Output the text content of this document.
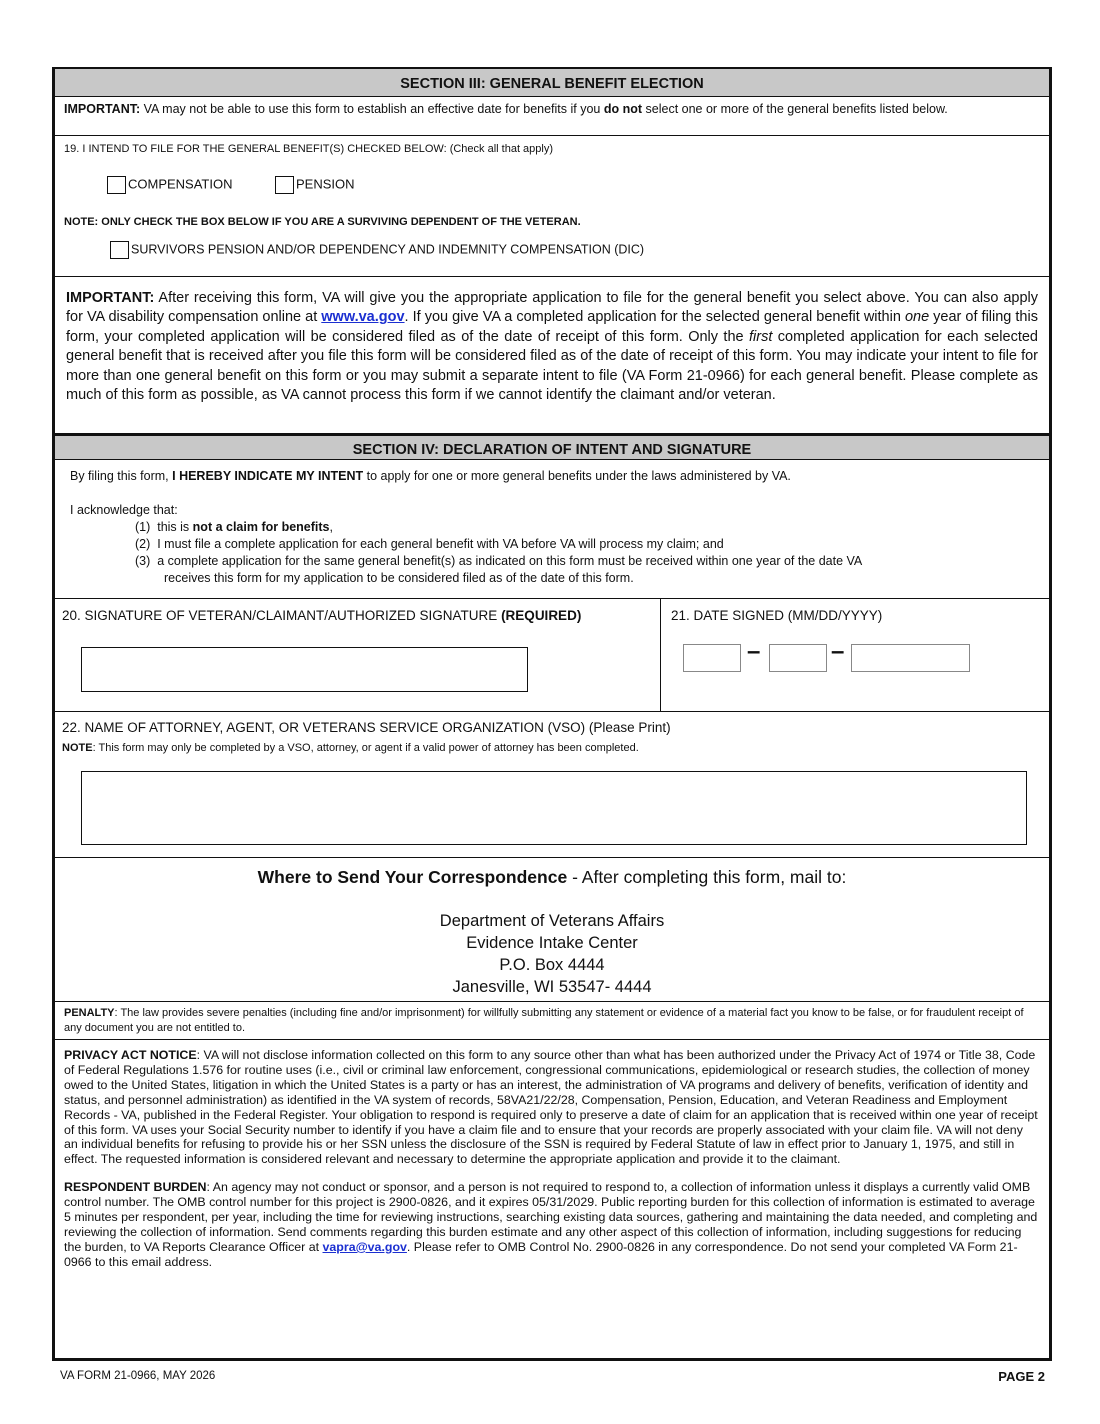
SECTION III: GENERAL BENEFIT ELECTION
IMPORTANT: VA may not be able to use this form to establish an effective date for benefits if you do not select one or more of the general benefits listed below.
19. I INTEND TO FILE FOR THE GENERAL BENEFIT(S) CHECKED BELOW: (Check all that apply)
COMPENSATION	PENSION
NOTE: ONLY CHECK THE BOX BELOW IF YOU ARE A SURVIVING DEPENDENT OF THE VETERAN.
SURVIVORS PENSION AND/OR DEPENDENCY AND INDEMNITY COMPENSATION (DIC)
IMPORTANT: After receiving this form, VA will give you the appropriate application to file for the general benefit you select above. You can also apply for VA disability compensation online at www.va.gov. If you give VA a completed application for the selected general benefit within one year of filing this form, your completed application will be considered filed as of the date of receipt of this form. Only the first completed application for each selected general benefit that is received after you file this form will be considered filed as of the date of receipt of this form. You may indicate your intent to file for more than one general benefit on this form or you may submit a separate intent to file (VA Form 21-0966) for each general benefit. Please complete as much of this form as possible, as VA cannot process this form if we cannot identify the claimant and/or veteran.
SECTION IV: DECLARATION OF INTENT AND SIGNATURE
By filing this form, I HEREBY INDICATE MY INTENT to apply for one or more general benefits under the laws administered by VA.
I acknowledge that:
(1) this is not a claim for benefits,
(2) I must file a complete application for each general benefit with VA before VA will process my claim; and
(3) a complete application for the same general benefit(s) as indicated on this form must be received within one year of the date VA
receives this form for my application to be considered filed as of the date of this form.
20. SIGNATURE OF VETERAN/CLAIMANT/AUTHORIZED SIGNATURE (REQUIRED)	21. DATE SIGNED (MM/DD/YYYY)
–	–
22. NAME OF ATTORNEY, AGENT, OR VETERANS SERVICE ORGANIZATION (VSO) (Please Print)
NOTE: This form may only be completed by a VSO, attorney, or agent if a valid power of attorney has been completed.
Where to Send Your Correspondence - After completing this form, mail to:
Department of Veterans Affairs
Evidence Intake Center
P.O. Box 4444
Janesville, WI 53547- 4444
PENALTY: The law provides severe penalties (including fine and/or imprisonment) for willfully submitting any statement or evidence of a material fact you know to be false, or for fraudulent receipt of any document you are not entitled to.
PRIVACY ACT NOTICE: VA will not disclose information collected on this form to any source other than what has been authorized under the Privacy Act of 1974 or Title 38, Code of Federal Regulations 1.576 for routine uses (i.e., civil or criminal law enforcement, congressional communications, epidemiological or research studies, the collection of money owed to the United States, litigation in which the United States is a party or has an interest, the administration of VA programs and delivery of benefits, verification of identity and status, and personnel administration) as identified in the VA system of records, 58VA21/22/28, Compensation, Pension, Education, and Veteran Readiness and Employment Records - VA, published in the Federal Register. Your obligation to respond is required only to preserve a date of claim for an application that is received within one year of receipt of this form. VA uses your Social Security number to identify if you have a claim file and to ensure that your records are properly associated with your claim file. VA will not deny an individual benefits for refusing to provide his or her SSN unless the disclosure of the SSN is required by Federal Statute of law in effect prior to January 1, 1975, and still in effect. The requested information is considered relevant and necessary to determine the appropriate application and provide it to the claimant.
RESPONDENT BURDEN: An agency may not conduct or sponsor, and a person is not required to respond to, a collection of information unless it displays a currently valid OMB control number. The OMB control number for this project is 2900-0826, and it expires 05/31/2029. Public reporting burden for this collection of information is estimated to average 5 minutes per respondent, per year, including the time for reviewing instructions, searching existing data sources, gathering and maintaining the data needed, and completing and reviewing the collection of information. Send comments regarding this burden estimate and any other aspect of this collection of information, including suggestions for reducing the burden, to VA Reports Clearance Officer at vapra@va.gov. Please refer to OMB Control No. 2900-0826 in any correspondence. Do not send your completed VA Form 21-0966 to this email address.
VA FORM 21-0966, MAY 2026	PAGE 2
